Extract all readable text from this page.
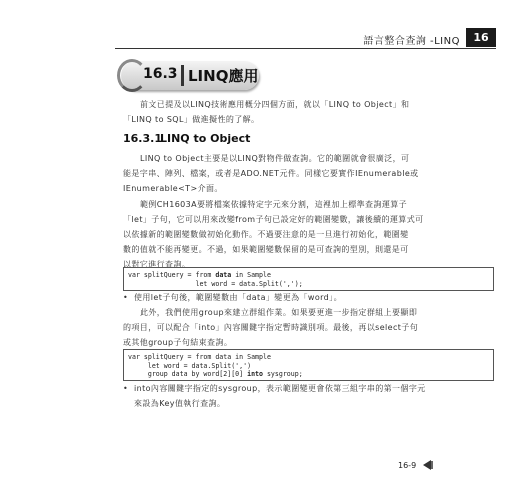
語言整合查詢 -LINQ	16
16.3 LINQ應用
前文已提及以LINQ技術應用概分四個方面，就以「LINQ to Object」和
「LINQ to SQL」做進擬性的了解。
16.3.1LINQ to Object
LINQ to Object主要是以LINQ對物件做查詢。它的範圍就會很廣泛，可
能是字串、陣列、檔案，或者是ADO.NET元件。同樣它要實作IEnumerable或
IEnumerable<T>介面。
範例CH1603A要將檔案依據特定字元來分割，這裡加上標準查詢運算子
「let」子句，它可以用來改變from子句已設定好的範圍變數，讓後續的運算式可
以依據新的範圍變數做初始化動作。不過要注意的是一旦進行初始化，範圍變
數的值就不能再變更。不過，如果範圍變數保留的是可查詢的型別，則還是可
以對它進行查詢。
var splitQuery = from data in Sample
let word = data.Split(',');
• 使用let子句後，範圍變數由「data」變更為「word」。
此外，我們使用group來建立群組作業。如果要更進一步指定群組上要顯即
的項目，可以配合「into」內容關鍵字指定暫時識別項。最後，再以select子句
或其他group子句結束查詢。
var splitQuery = from data in Sample
let word = data.Split(',')
group data by word[2][0] into sysgroup;
• into內容關鍵字指定的sysgroup，表示範圍變更會依第三組字串的第一個字元
來設為Key值執行查詢。
16-9
